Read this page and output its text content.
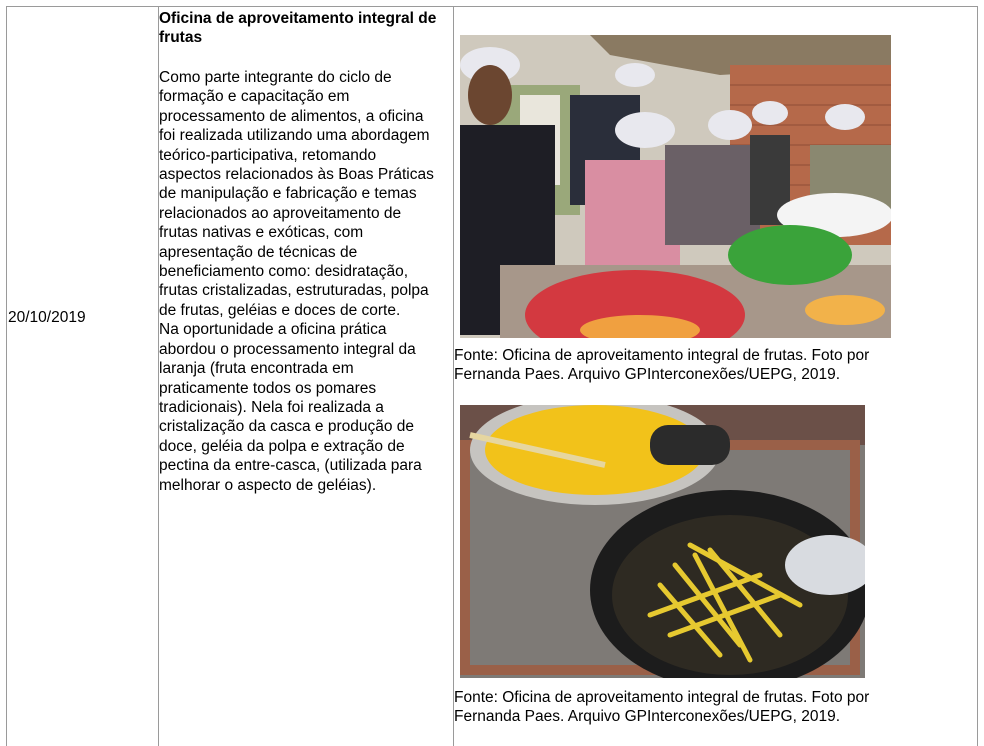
20/10/2019
Oficina de aproveitamento integral de frutas

Como parte integrante do ciclo de formação e capacitação em processamento de alimentos, a oficina foi realizada utilizando uma abordagem teórico-participativa, retomando aspectos relacionados às Boas Práticas de manipulação e fabricação e temas relacionados ao aproveitamento de frutas nativas e exóticas, com apresentação de técnicas de beneficiamento como: desidratação, frutas cristalizadas, estruturadas, polpa de frutas, geléias e doces de corte.

Na oportunidade a oficina prática abordou o processamento integral da laranja (fruta encontrada em praticamente todos os pomares tradicionais). Nela foi realizada a cristalização da casca e produção de doce, geléia da polpa e extração de pectina da entre-casca, (utilizada para melhorar o aspecto de geléias).

Fonte: Oficina de aproveitamento integral de frutas. Foto por
Fernanda Paes. Arquivo GPInterconexões/UEPG, 2019.
Fonte: Oficina de aproveitamento integral de frutas. Foto por
Fernanda Paes. Arquivo GPInterconexões/UEPG, 2019.
